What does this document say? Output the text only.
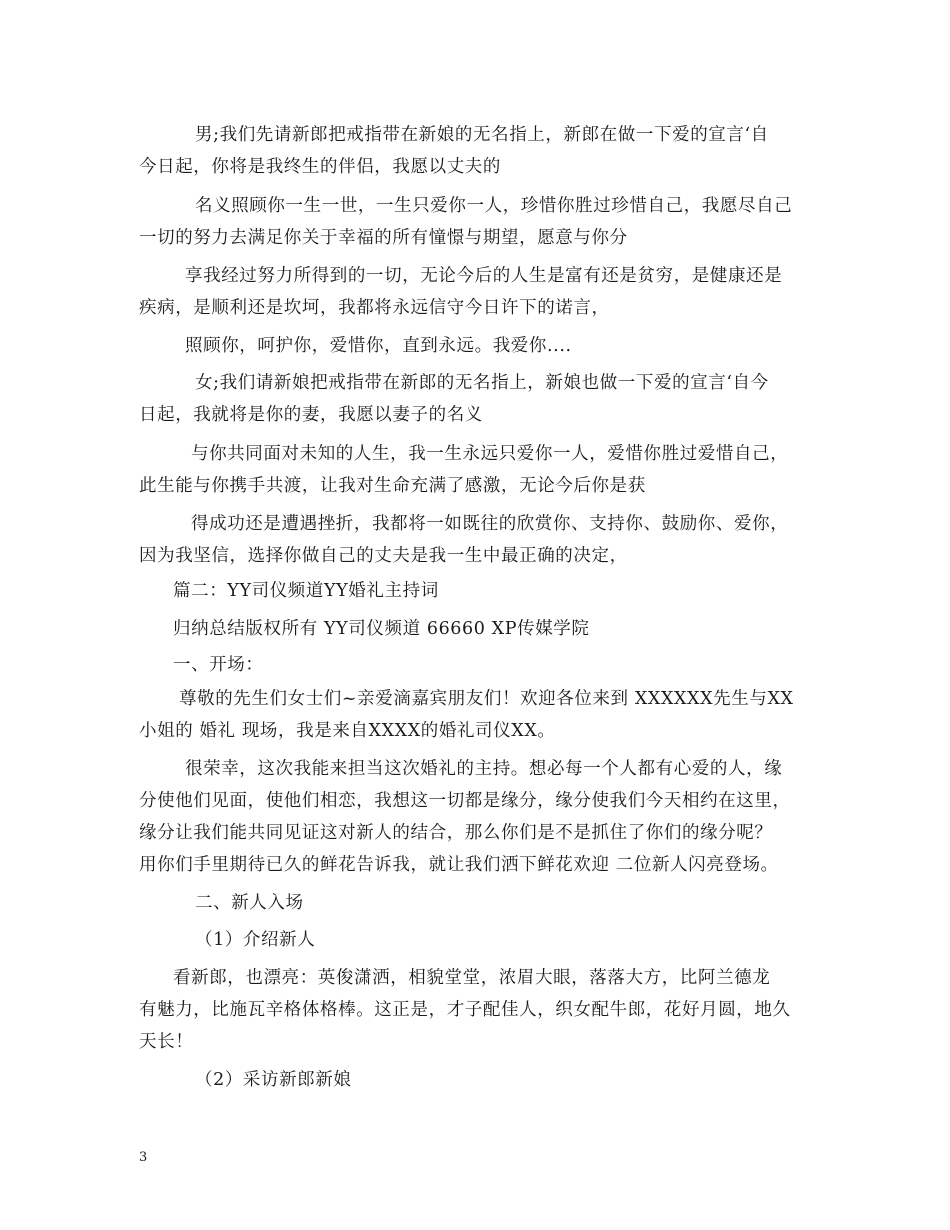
男;我们先请新郎把戒指带在新娘的无名指上，新郎在做一下爱的宣言‘自
今日起，你将是我终生的伴侣，我愿以丈夫的
名义照顾你一生一世，一生只爱你一人，珍惜你胜过珍惜自己，我愿尽自己
一切的努力去满足你关于幸福的所有憧憬与期望，愿意与你分
享我经过努力所得到的一切，无论今后的人生是富有还是贫穷，是健康还是
疾病，是顺利还是坎坷，我都将永远信守今日许下的诺言，
照顾你，呵护你，爱惜你，直到永远。我爱你....
女;我们请新娘把戒指带在新郎的无名指上，新娘也做一下爱的宣言‘自今
日起，我就将是你的妻，我愿以妻子的名义
与你共同面对未知的人生，我一生永远只爱你一人，爱惜你胜过爱惜自己，
此生能与你携手共渡，让我对生命充满了感激，无论今后你是获
得成功还是遭遇挫折，我都将一如既往的欣赏你、支持你、鼓励你、爱你，
因为我坚信，选择你做自己的丈夫是我一生中最正确的决定，
篇二：YY司仪频道YY婚礼主持词
归纳总结版权所有 YY司仪频道 66660 XP传媒学院
一、开场：
尊敬的先生们女士们~亲爱滴嘉宾朋友们！欢迎各位来到 XXXXXX先生与XX
小姐的 婚礼 现场，我是来自XXXX的婚礼司仪XX。
很荣幸，这次我能来担当这次婚礼的主持。想必每一个人都有心爱的人，缘
分使他们见面，使他们相恋，我想这一切都是缘分，缘分使我们今天相约在这里，
缘分让我们能共同见证这对新人的结合，那么你们是不是抓住了你们的缘分呢？
用你们手里期待已久的鲜花告诉我，就让我们洒下鲜花欢迎 二位新人闪亮登场。
二、新人入场
（1）介绍新人
看新郎，也漂亮：英俊潇洒，相貌堂堂，浓眉大眼，落落大方，比阿兰德龙
有魅力，比施瓦辛格体格棒。这正是，才子配佳人，织女配牛郎，花好月圆，地久
天长！
（2）采访新郎新娘
3
